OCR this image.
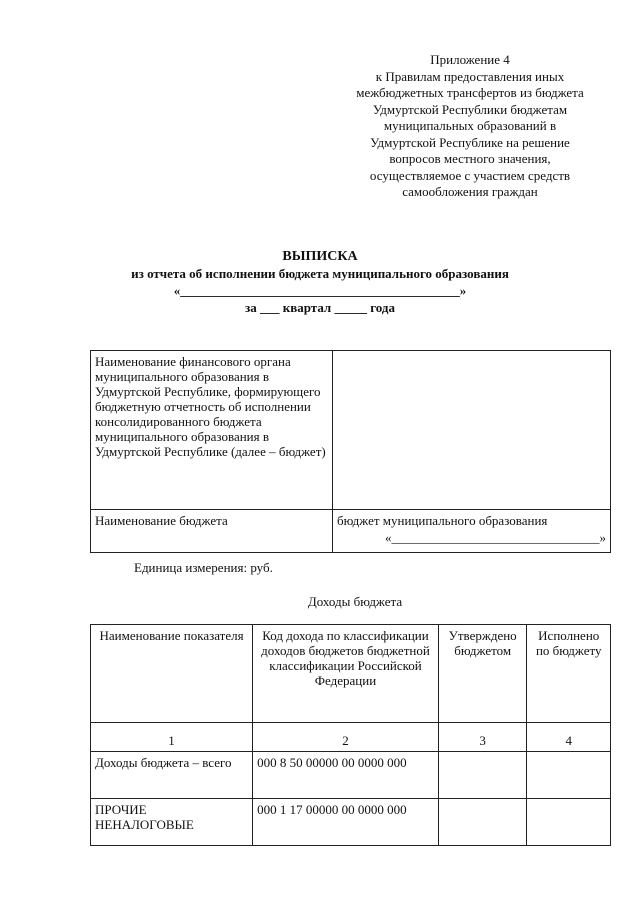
Приложение 4
к Правилам предоставления иных
межбюджетных трансфертов из бюджета
Удмуртской Республики бюджетам
муниципальных образований в
Удмуртской Республике на решение
вопросов местного значения,
осуществляемое с участием средств
самообложения граждан
ВЫПИСКА
из отчета об исполнении бюджета муниципального образования
«___________________________________________»
за ___ квартал _____ года
Наименование финансового органа муниципального образования в Удмуртской Республике, формирующего бюджетную отчетность об исполнении консолидированного бюджета муниципального образования в Удмуртской Республике (далее – бюджет)	
Наименование бюджета	бюджет муниципального образования
«________________________________»
Единица измерения: руб.
Доходы бюджета
Наименование показателя	Код дохода по классификации доходов бюджетов бюджетной классификации Российской Федерации	Утверждено бюджетом	Исполнено по бюджету
1	2	3	4
Доходы бюджета – всего	000 8 50 00000 00 0000 000		
ПРОЧИЕ НЕНАЛОГОВЫЕ	000 1 17 00000 00 0000 000		
